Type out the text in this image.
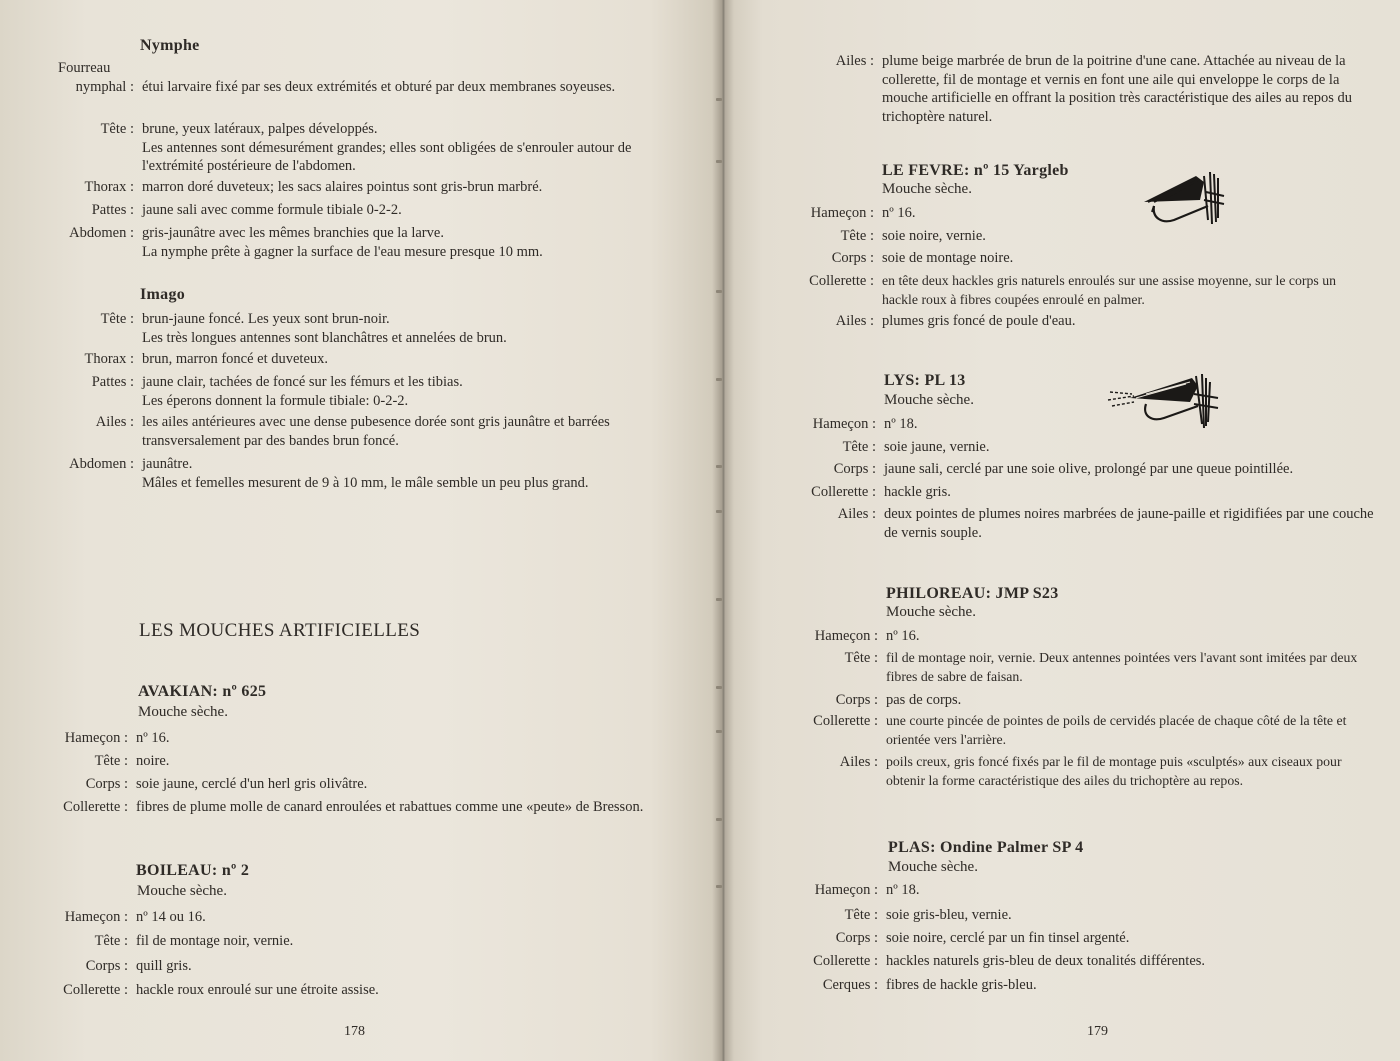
Nymphe
Fourreau
nymphal : étui larvaire fixé par ses deux extrémités et obturé par deux membranes soyeuses.
Tête : brune, yeux latéraux, palpes développés.
Les antennes sont démesurément grandes; elles sont obligées de s'enrouler autour de l'extrémité postérieure de l'abdomen.
Thorax : marron doré duveteux; les sacs alaires pointus sont gris-brun marbré.
Pattes : jaune sali avec comme formule tibiale 0-2-2.
Abdomen : gris-jaunâtre avec les mêmes branchies que la larve.
La nymphe prête à gagner la surface de l'eau mesure presque 10 mm.
Imago
Tête : brun-jaune foncé. Les yeux sont brun-noir.
Les très longues antennes sont blanchâtres et annelées de brun.
Thorax : brun, marron foncé et duveteux.
Pattes : jaune clair, tachées de foncé sur les fémurs et les tibias.
Les éperons donnent la formule tibiale: 0-2-2.
Ailes : les ailes antérieures avec une dense pubesence dorée sont gris jaunâtre et barrées transversalement par des bandes brun foncé.
Abdomen : jaunâtre.
Mâles et femelles mesurent de 9 à 10 mm, le mâle semble un peu plus grand.
LES MOUCHES ARTIFICIELLES
AVAKIAN: nº 625
Mouche sèche.
Hameçon : nº 16.
Tête : noire.
Corps : soie jaune, cerclé d'un herl gris olivâtre.
Collerette : fibres de plume molle de canard enroulées et rabattues comme une «peute» de Bresson.
BOILEAU: nº 2
Mouche sèche.
Hameçon : nº 14 ou 16.
Tête : fil de montage noir, vernie.
Corps : quill gris.
Collerette : hackle roux enroulé sur une étroite assise.
178
Ailes : plume beige marbrée de brun de la poitrine d'une cane. Attachée au niveau de la collerette, fil de montage et vernis en font une aile qui enveloppe le corps de la mouche artificielle en offrant la position très caractéristique des ailes au repos du trichoptère naturel.
LE FEVRE: nº 15 Yargleb
Mouche sèche.
Hameçon : nº 16.
Tête : soie noire, vernie.
Corps : soie de montage noire.
Collerette : en tête deux hackles gris naturels enroulés sur une assise moyenne, sur le corps un hackle roux à fibres coupées enroulé en palmer.
Ailes : plumes gris foncé de poule d'eau.
LYS: PL 13
Mouche sèche.
Hameçon : nº 18.
Tête : soie jaune, vernie.
Corps : jaune sali, cerclé par une soie olive, prolongé par une queue pointillée.
Collerette : hackle gris.
Ailes : deux pointes de plumes noires marbrées de jaune-paille et rigidifiées par une couche de vernis souple.
PHILOREAU: JMP S23
Mouche sèche.
Hameçon : nº 16.
Tête : fil de montage noir, vernie. Deux antennes pointées vers l'avant sont imitées par deux fibres de sabre de faisan.
Corps : pas de corps.
Collerette : une courte pincée de pointes de poils de cervidés placée de chaque côté de la tête et orientée vers l'arrière.
Ailes : poils creux, gris foncé fixés par le fil de montage puis «sculptés» aux ciseaux pour obtenir la forme caractéristique des ailes du trichoptère au repos.
PLAS: Ondine Palmer SP 4
Mouche sèche.
Hameçon : nº 18.
Tête : soie gris-bleu, vernie.
Corps : soie noire, cerclé par un fin tinsel argenté.
Collerette : hackles naturels gris-bleu de deux tonalités différentes.
Cerques : fibres de hackle gris-bleu.
179
